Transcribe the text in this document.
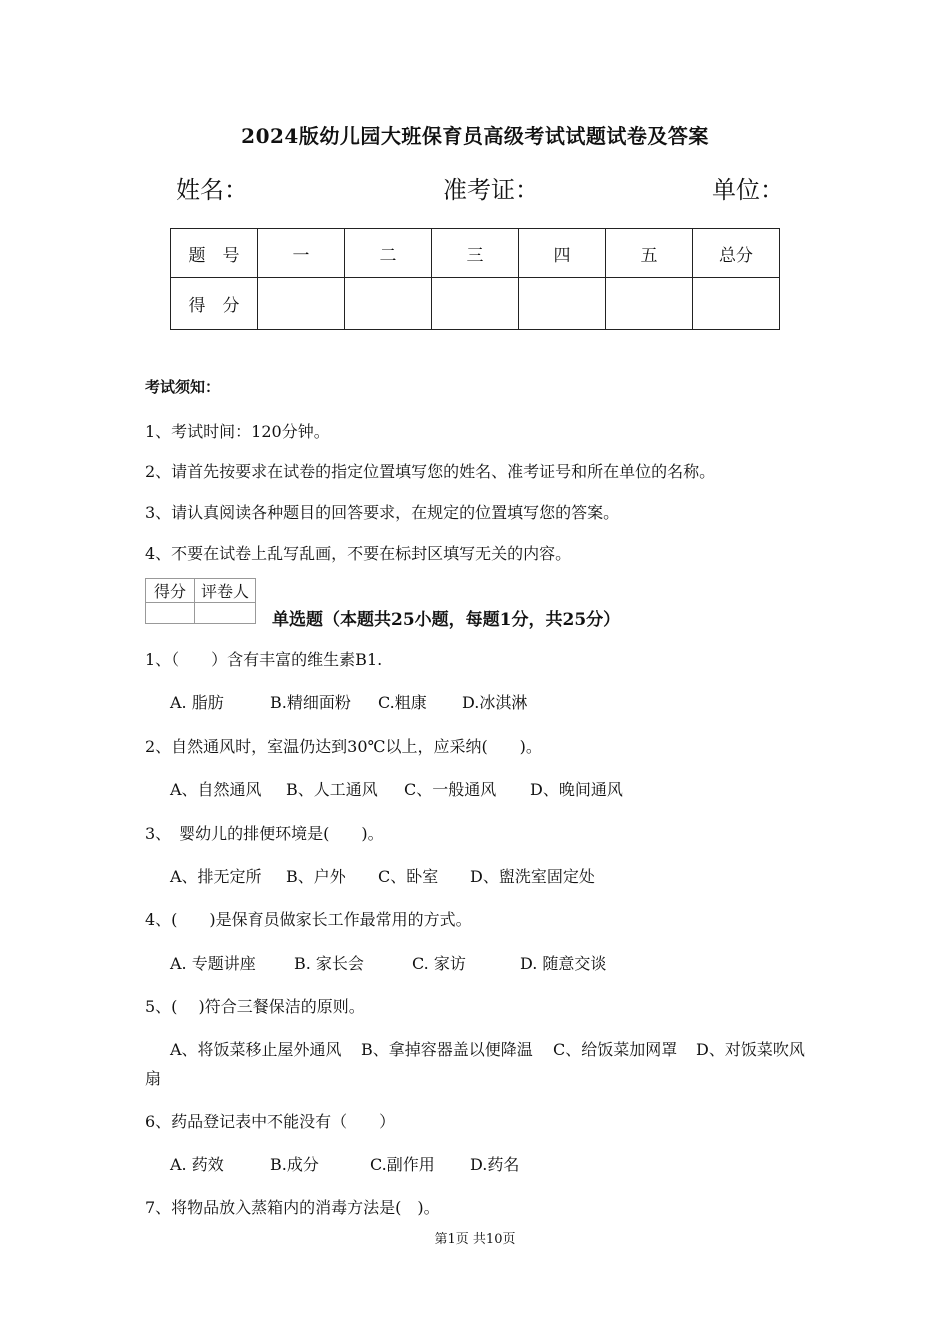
2024版幼儿园大班保育员高级考试试题试卷及答案
姓名：	准考证：	单位：
题　号	一	二	三	四	五	总分
得　分						
考试须知：
1、考试时间：120分钟。
2、请首先按要求在试卷的指定位置填写您的姓名、准考证号和所在单位的名称。
3、请认真阅读各种题目的回答要求，在规定的位置填写您的答案。
4、不要在试卷上乱写乱画，不要在标封区填写无关的内容。
得分	评卷人

单选题（本题共25小题，每题1分，共25分）
1、（　　）含有丰富的维生素B1.
A. 脂肪	B.精细面粉 C.粗康 D.冰淇淋
2、自然通风时，室温仍达到30℃以上，应采纳(　　)。
A、自然通风 B、人工通风 C、一般通风 D、晚间通风
3、　婴幼儿的排便环境是(　　)。
A、排无定所 B、户外 C、卧室 D、盥洗室固定处
4、(　　)是保育员做家长工作最常用的方式。
A. 专题讲座 B. 家长会	C. 家访	D. 随意交谈
5、(　 )符合三餐保洁的原则。
A、将饭菜移止屋外通风 B、拿掉容器盖以便降温 C、给饭菜加网罩 D、对饭菜吹风
扇
6、药品登记表中不能没有（　　）
A. 药效	B.成分	C.副作用 D.药名
7、将物品放入蒸箱内的消毒方法是(　)。
第1页 共10页
